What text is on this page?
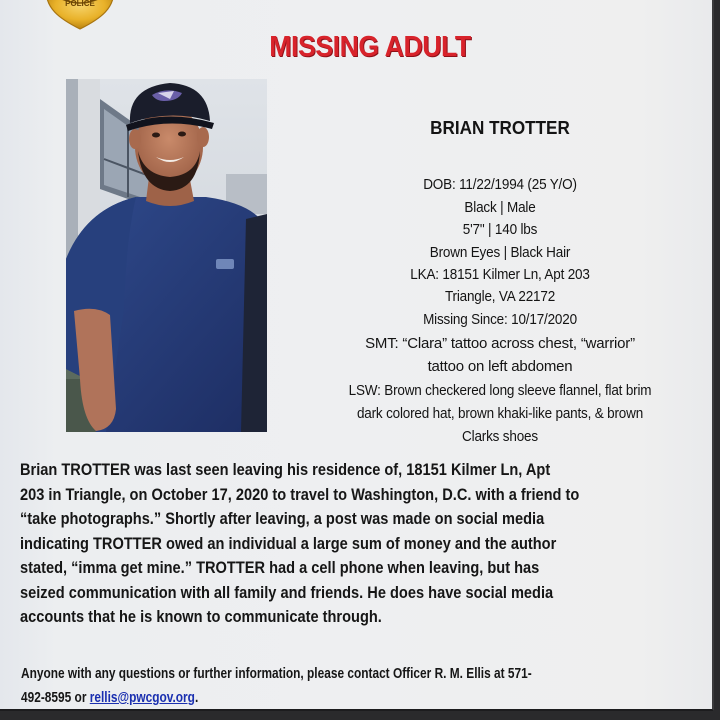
POLICE
MISSING ADULT
BRIAN TROTTER
DOB: 11/22/1994 (25 Y/O)
Black | Male
5'7" | 140 lbs
Brown Eyes | Black Hair
LKA: 18151 Kilmer Ln, Apt 203
Triangle, VA 22172
Missing Since: 10/17/2020
SMT: “Clara” tattoo across chest, “warrior”
tattoo on left abdomen
LSW: Brown checkered long sleeve flannel, flat brim
dark colored hat, brown khaki-like pants, & brown
Clarks shoes
Brian TROTTER was last seen leaving his residence of, 18151 Kilmer Ln, Apt
203 in Triangle, on October 17, 2020 to travel to Washington, D.C. with a friend to
“take photographs.” Shortly after leaving, a post was made on social media
indicating TROTTER owed an individual a large sum of money and the author
stated, “imma get mine.” TROTTER had a cell phone when leaving, but has
seized communication with all family and friends. He does have social media
accounts that he is known to communicate through.
Anyone with any questions or further information, please contact Officer R. M. Ellis at 571-
492-8595 or rellis@pwcgov.org.
